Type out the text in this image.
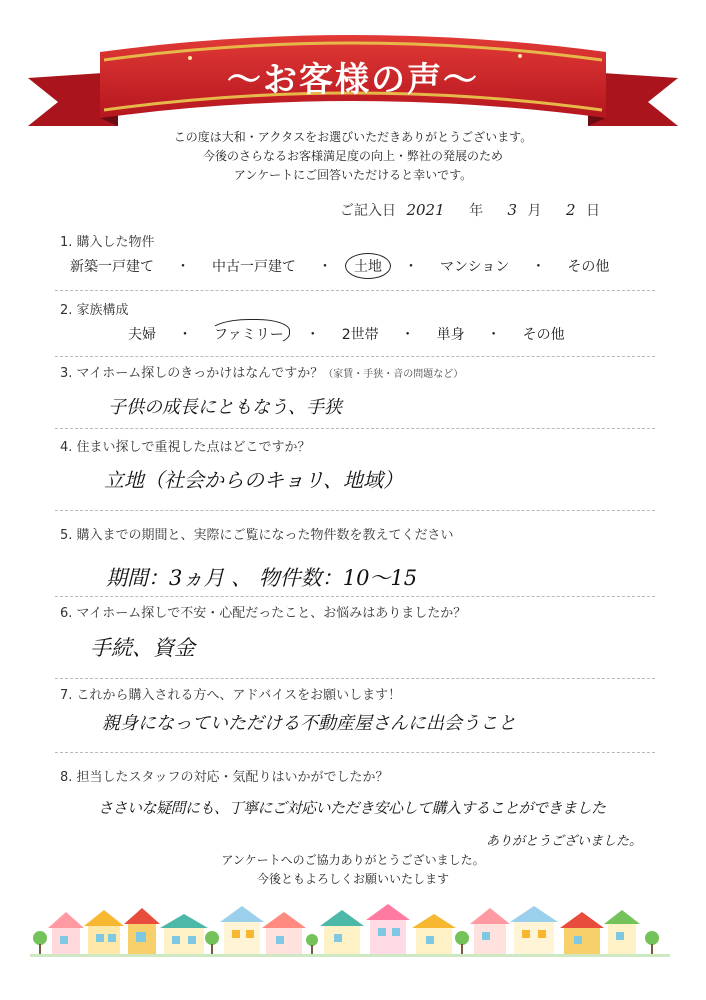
～お客様の声～
この度は大和・アクタスをお選びいただきありがとうございます。
今後のさらなるお客様満足度の向上・弊社の発展のため
アンケートにご回答いただけると幸いです。
ご記入日 2021 年 3 月 2 日
1. 購入した物件
新築一戸建て ・ 中古一戸建て ・ 土地 ・ マンション ・ その他
2. 家族構成
夫婦 ・ ファミリー ・ 2世帯 ・ 単身 ・ その他
3. マイホーム探しのきっかけはなんですか？（家賃・手狭・音の問題など）
子供の成長にともなう、手狭
4. 住まい探しで重視した点はどこですか？
立地（社会からのキョリ、地域）
5. 購入までの期間と、実際にご覧になった物件数を教えてください
期間：3ヵ月 、 物件数：10～15
6. マイホーム探しで不安・心配だったこと、お悩みはありましたか？
手続、資金
7. これから購入される方へ、アドバイスをお願いします！
親身になっていただける不動産屋さんに出会うこと
8. 担当したスタッフの対応・気配りはいかがでしたか？
ささいな疑問にも、丁寧にご対応いただき安心して購入することができました
ありがとうございました。
アンケートへのご協力ありがとうございました。
今後ともよろしくお願いいたします
